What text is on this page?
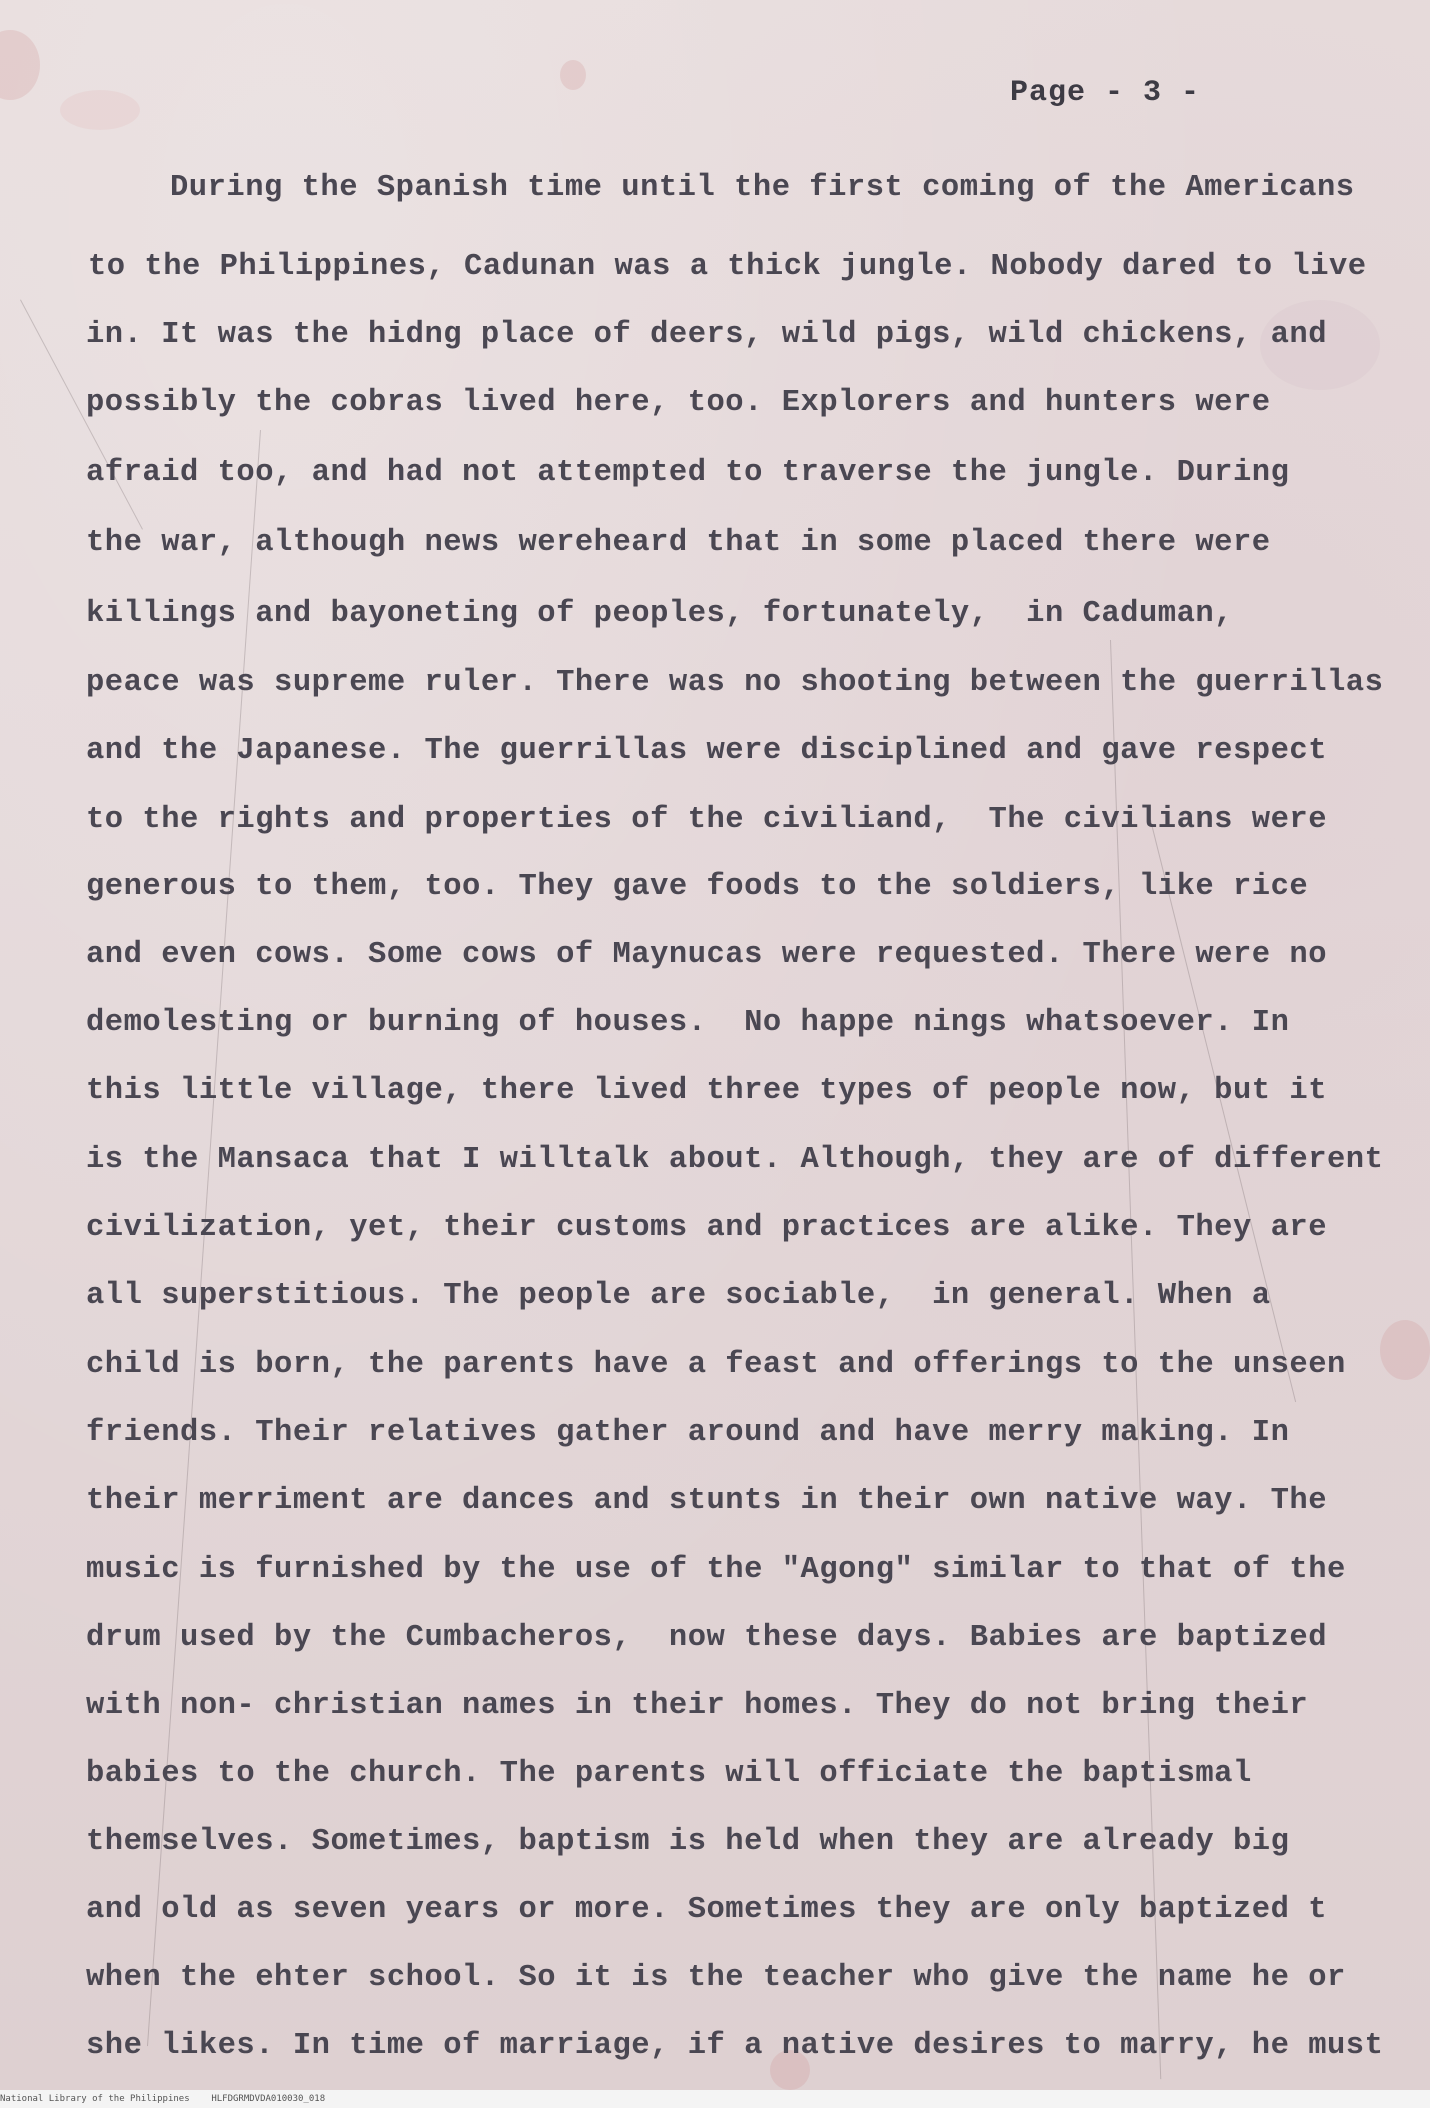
Page - 3 -
During the Spanish time until the first coming of the Americans
to the Philippines, Cadunan was a thick jungle. Nobody dared to live
in. It was the hidng place of deers, wild pigs, wild chickens, and
possibly the cobras lived here, too. Explorers and hunters were
afraid too, and had not attempted to traverse the jungle. During
the war, although news wereheard that in some placed there were
killings and bayoneting of peoples, fortunately,  in Caduman,
peace was supreme ruler. There was no shooting between the guerrillas
and the Japanese. The guerrillas were disciplined and gave respect
to the rights and properties of the civiliand,  The civilians were
generous to them, too. They gave foods to the soldiers, like rice
and even cows. Some cows of Maynucas were requested. There were no
demolesting or burning of houses.  No happe nings whatsoever. In
this little village, there lived three types of people now, but it
is the Mansaca that I willtalk about. Although, they are of different
civilization, yet, their customs and practices are alike. They are
all superstitious. The people are sociable,  in general. When a
child is born, the parents have a feast and offerings to the unseen
friends. Their relatives gather around and have merry making. In
their merriment are dances and stunts in their own native way. The
music is furnished by the use of the "Agong" similar to that of the
drum used by the Cumbacheros,  now these days. Babies are baptized
with non- christian names in their homes. They do not bring their
babies to the church. The parents will officiate the baptismal
themselves. Sometimes, baptism is held when they are already big
and old as seven years or more. Sometimes they are only baptized t
when the ehter school. So it is the teacher who give the name he or
she likes. In time of marriage, if a native desires to marry, he must
National Library of the Philippines    HLFDGRMDVDA010030_018
